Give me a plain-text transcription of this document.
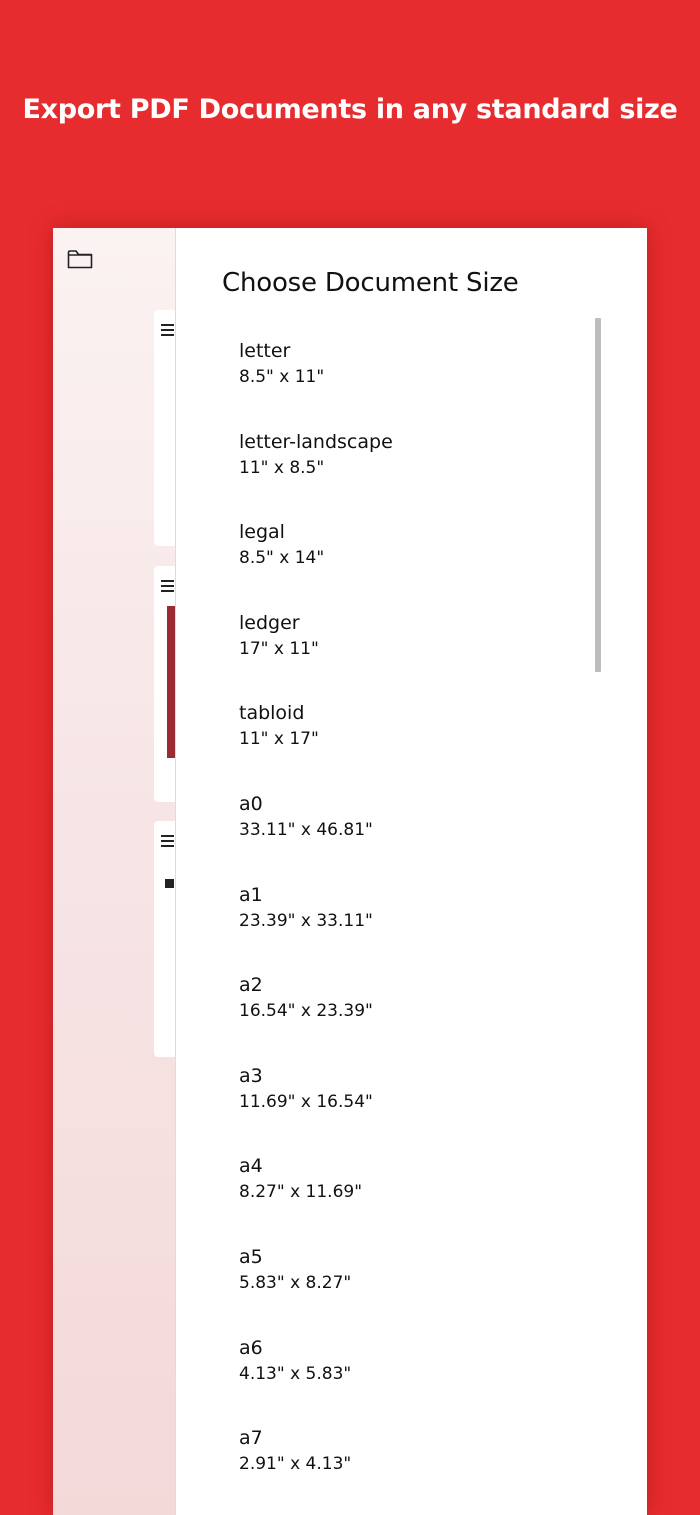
Export PDF Documents in any standard size
Choose Document Size
letter
8.5" x 11"
letter-landscape
11" x 8.5"
legal
8.5" x 14"
ledger
17" x 11"
tabloid
11" x 17"
a0
33.11" x 46.81"
a1
23.39" x 33.11"
a2
16.54" x 23.39"
a3
11.69" x 16.54"
a4
8.27" x 11.69"
a5
5.83" x 8.27"
a6
4.13" x 5.83"
a7
2.91" x 4.13"
